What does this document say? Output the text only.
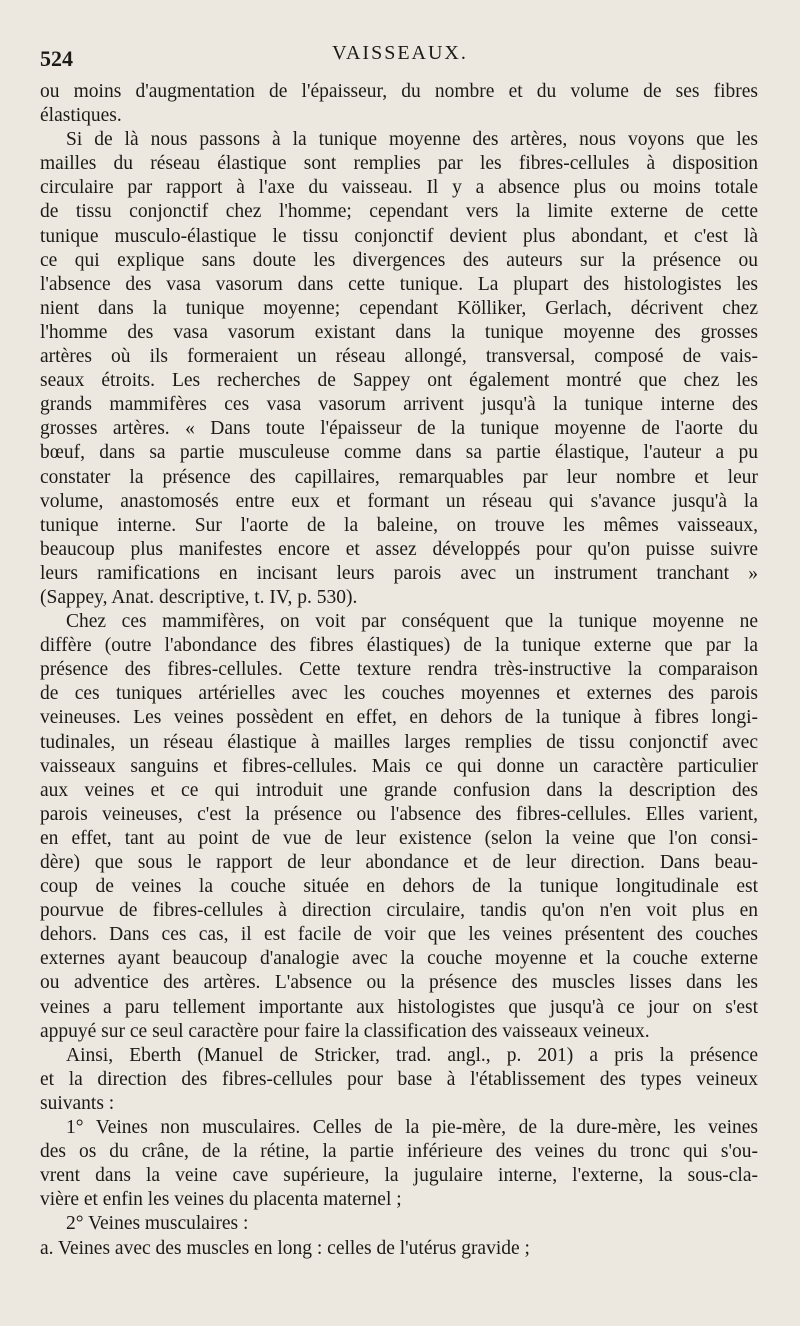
524	VAISSEAUX.
ou moins d'augmentation de l'épaisseur, du nombre et du volume de ses fibres
élastiques.
Si de là nous passons à la tunique moyenne des artères, nous voyons que les
mailles du réseau élastique sont remplies par les fibres-cellules à disposition
circulaire par rapport à l'axe du vaisseau. Il y a absence plus ou moins totale
de tissu conjonctif chez l'homme; cependant vers la limite externe de cette
tunique musculo-élastique le tissu conjonctif devient plus abondant, et c'est là
ce qui explique sans doute les divergences des auteurs sur la présence ou
l'absence des vasa vasorum dans cette tunique. La plupart des histologistes les
nient dans la tunique moyenne; cependant Kölliker, Gerlach, décrivent chez
l'homme des vasa vasorum existant dans la tunique moyenne des grosses
artères où ils formeraient un réseau allongé, transversal, composé de vais-
seaux étroits. Les recherches de Sappey ont également montré que chez les
grands mammifères ces vasa vasorum arrivent jusqu'à la tunique interne des
grosses artères. « Dans toute l'épaisseur de la tunique moyenne de l'aorte du
bœuf, dans sa partie musculeuse comme dans sa partie élastique, l'auteur a pu
constater la présence des capillaires, remarquables par leur nombre et leur
volume, anastomosés entre eux et formant un réseau qui s'avance jusqu'à la
tunique interne. Sur l'aorte de la baleine, on trouve les mêmes vaisseaux,
beaucoup plus manifestes encore et assez développés pour qu'on puisse suivre
leurs ramifications en incisant leurs parois avec un instrument tranchant »
(Sappey, Anat. descriptive, t. IV, p. 530).
Chez ces mammifères, on voit par conséquent que la tunique moyenne ne
diffère (outre l'abondance des fibres élastiques) de la tunique externe que par la
présence des fibres-cellules. Cette texture rendra très-instructive la comparaison
de ces tuniques artérielles avec les couches moyennes et externes des parois
veineuses. Les veines possèdent en effet, en dehors de la tunique à fibres longi-
tudinales, un réseau élastique à mailles larges remplies de tissu conjonctif avec
vaisseaux sanguins et fibres-cellules. Mais ce qui donne un caractère particulier
aux veines et ce qui introduit une grande confusion dans la description des
parois veineuses, c'est la présence ou l'absence des fibres-cellules. Elles varient,
en effet, tant au point de vue de leur existence (selon la veine que l'on consi-
dère) que sous le rapport de leur abondance et de leur direction. Dans beau-
coup de veines la couche située en dehors de la tunique longitudinale est
pourvue de fibres-cellules à direction circulaire, tandis qu'on n'en voit plus en
dehors. Dans ces cas, il est facile de voir que les veines présentent des couches
externes ayant beaucoup d'analogie avec la couche moyenne et la couche externe
ou adventice des artères. L'absence ou la présence des muscles lisses dans les
veines a paru tellement importante aux histologistes que jusqu'à ce jour on s'est
appuyé sur ce seul caractère pour faire la classification des vaisseaux veineux.
Ainsi, Eberth (Manuel de Stricker, trad. angl., p. 201) a pris la présence
et la direction des fibres-cellules pour base à l'établissement des types veineux
suivants :
1° Veines non musculaires. Celles de la pie-mère, de la dure-mère, les veines
des os du crâne, de la rétine, la partie inférieure des veines du tronc qui s'ou-
vrent dans la veine cave supérieure, la jugulaire interne, l'externe, la sous-cla-
vière et enfin les veines du placenta maternel ;
2° Veines musculaires :
a. Veines avec des muscles en long : celles de l'utérus gravide ;
